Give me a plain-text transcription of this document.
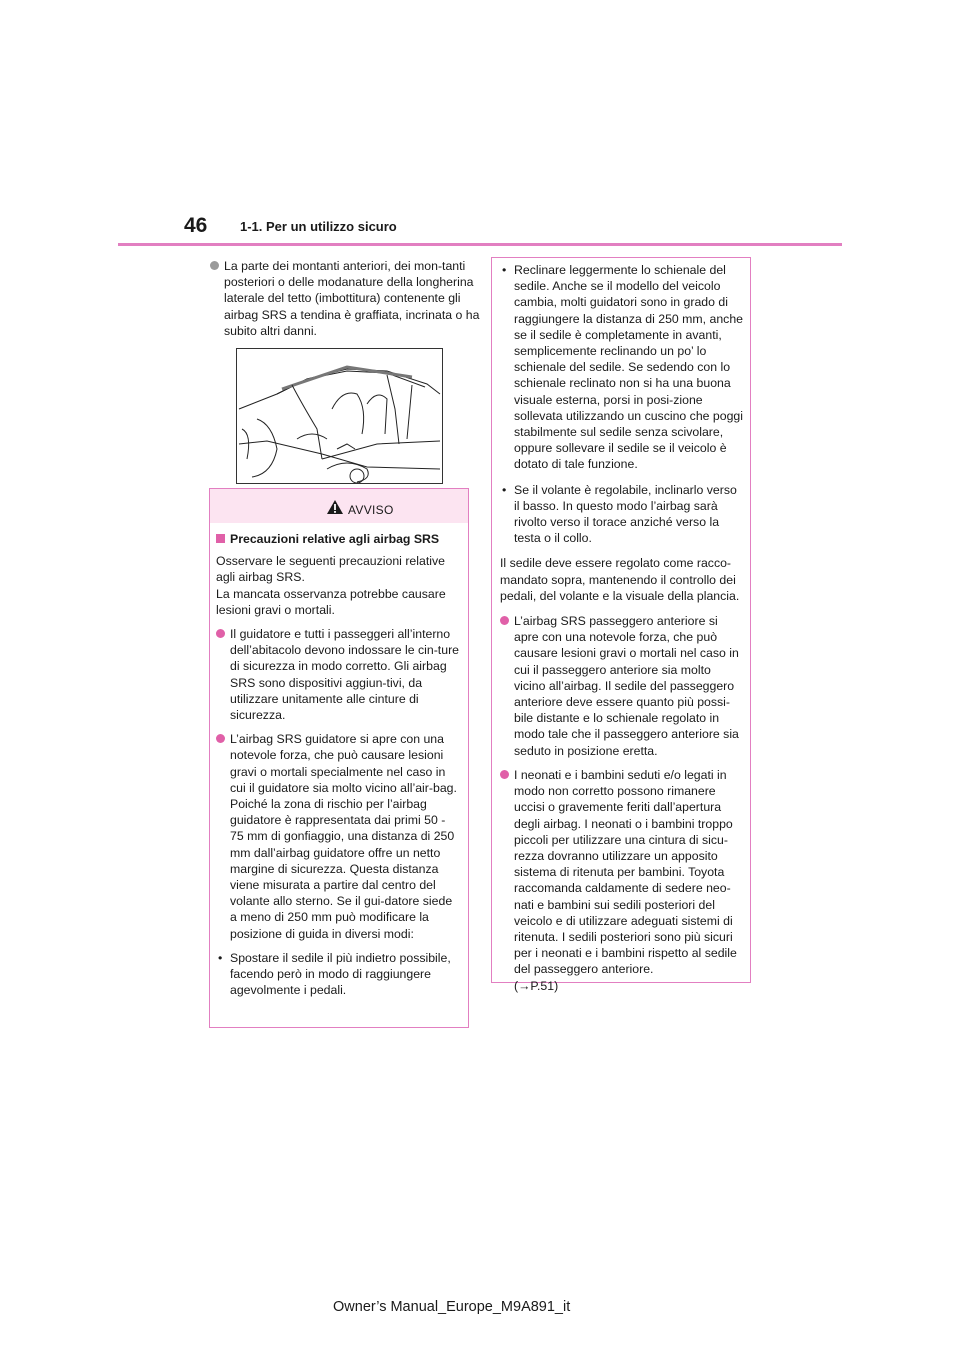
46	1-1. Per un utilizzo sicuro
La parte dei montanti anteriori, dei mon-tanti posteriori o delle modanature della longherina laterale del tetto (imbottitura) contenente gli airbag SRS a tendina è graffiata, incrinata o ha subito altri danni.
AVVISO
Precauzioni relative agli airbag SRS

Osservare le seguenti precauzioni relative agli airbag SRS.

La mancata osservanza potrebbe causare lesioni gravi o mortali.

Il guidatore e tutti i passeggeri all’interno dell’abitacolo devono indossare le cin-ture di sicurezza in modo corretto. Gli airbag SRS sono dispositivi aggiun-tivi, da utilizzare unitamente alle cinture di sicurezza.
L’airbag SRS guidatore si apre con una notevole forza, che può causare lesioni gravi o mortali specialmente nel caso in cui il guidatore sia molto vicino all’air-bag. Poiché la zona di rischio per l’airbag guidatore è rappresentata dai primi 50 - 75 mm di gonfiaggio, una distanza di 250 mm dall’airbag guidatore offre un netto margine di sicurezza. Questa distanza viene misurata a partire dal centro del volante allo sterno. Se il gui-datore siede a meno di 250 mm può modificare la posizione di guida in diversi modi:
• Spostare il sedile il più indietro possibile, facendo però in modo di raggiungere agevolmente i pedali.
• Reclinare leggermente lo schienale del sedile. Anche se il modello del veicolo cambia, molti guidatori sono in grado di raggiungere la distanza di 250 mm, anche se il sedile è completamente in avanti, semplicemente reclinando un po’ lo schienale del sedile. Se sedendo con lo schienale reclinato non si ha una buona visuale esterna, porsi in posi-zione sollevata utilizzando un cuscino che poggi stabilmente sul sedile senza scivolare, oppure sollevare il sedile se il veicolo è dotato di tale funzione.
• Se il volante è regolabile, inclinarlo verso il basso. In questo modo l’airbag sarà rivolto verso il torace anziché verso la testa o il collo.

Il sedile deve essere regolato come racco-mandato sopra, mantenendo il controllo dei pedali, del volante e la visuale della plancia.

L’airbag SRS passeggero anteriore si apre con una notevole forza, che può causare lesioni gravi o mortali nel caso in cui il passeggero anteriore sia molto vicino all’airbag. Il sedile del passeggero anteriore deve essere quanto più possi-bile distante e lo schienale regolato in modo tale che il passeggero anteriore sia seduto in posizione eretta.
I neonati e i bambini seduti e/o legati in modo non corretto possono rimanere uccisi o gravemente feriti dall’apertura degli airbag. I neonati o i bambini troppo piccoli per utilizzare una cintura di sicu-rezza dovranno utilizzare un apposito sistema di ritenuta per bambini. Toyota raccomanda caldamente di sedere neo-nati e bambini sui sedili posteriori del veicolo e di utilizzare adeguati sistemi di ritenuta. I sedili posteriori sono più sicuri per i neonati e i bambini rispetto al sedile del passeggero anteriore.
(→P.51)
Owner’s Manual_Europe_M9A891_it
